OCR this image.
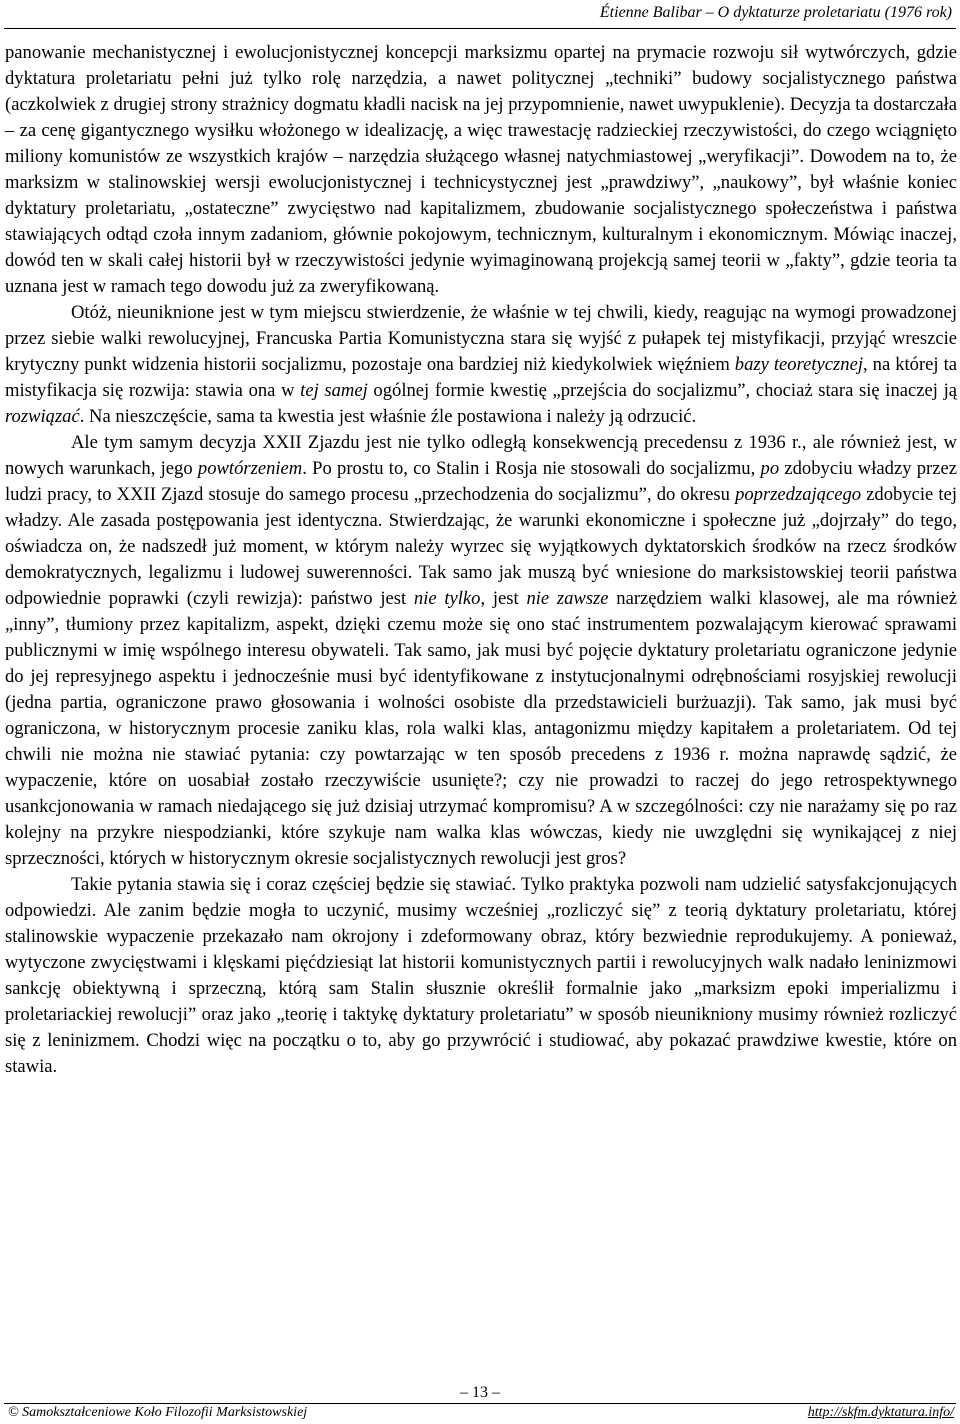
Étienne Balibar – O dyktaturze proletariatu (1976 rok)

panowanie mechanistycznej i ewolucjonistycznej koncepcji marksizmu opartej na prymacie rozwoju sił wytwórczych, gdzie dyktatura proletariatu pełni już tylko rolę narzędzia, a nawet politycznej „techniki” budowy socjalistycznego państwa (aczkolwiek z drugiej strony strażnicy dogmatu kładli nacisk na jej przypomnienie, nawet uwypuklenie). Decyzja ta dostarczała – za cenę gigantycznego wysiłku włożonego w idealizację, a więc trawestację radzieckiej rzeczywistości, do czego wciągnięto miliony komunistów ze wszystkich krajów – narzędzia służącego własnej natychmiastowej „weryfikacji”. Dowodem na to, że marksizm w stalinowskiej wersji ewolucjonistycznej i technicystycznej jest „prawdziwy”, „naukowy”, był właśnie koniec dyktatury proletariatu, „ostateczne” zwycięstwo nad kapitalizmem, zbudowanie socjalistycznego społeczeństwa i państwa stawiających odtąd czoła innym zadaniom, głównie pokojowym, technicznym, kulturalnym i ekonomicznym. Mówiąc inaczej, dowód ten w skali całej historii był w rzeczywistości jedynie wyimaginowaną projekcją samej teorii w „fakty”, gdzie teoria ta uznana jest w ramach tego dowodu już za zweryfikowaną.

Otóż, nieuniknione jest w tym miejscu stwierdzenie, że właśnie w tej chwili, kiedy, reagując na wymogi prowadzonej przez siebie walki rewolucyjnej, Francuska Partia Komunistyczna stara się wyjść z pułapek tej mistyfikacji, przyjąć wreszcie krytyczny punkt widzenia historii socjalizmu, pozostaje ona bardziej niż kiedykolwiek więźniem bazy teoretycznej, na której ta mistyfikacja się rozwija: stawia ona w tej samej ogólnej formie kwestię „przejścia do socjalizmu”, chociaż stara się inaczej ją rozwiązać. Na nieszczęście, sama ta kwestia jest właśnie źle postawiona i należy ją odrzucić.

Ale tym samym decyzja XXII Zjazdu jest nie tylko odległą konsekwencją precedensu z 1936 r., ale również jest, w nowych warunkach, jego powtórzeniem. Po prostu to, co Stalin i Rosja nie stosowali do socjalizmu, po zdobyciu władzy przez ludzi pracy, to XXII Zjazd stosuje do samego procesu „przechodzenia do socjalizmu”, do okresu poprzedzającego zdobycie tej władzy. Ale zasada postępowania jest identyczna. Stwierdzając, że warunki ekonomiczne i społeczne już „dojrzały” do tego, oświadcza on, że nadszedł już moment, w którym należy wyrzec się wyjątkowych dyktatorskich środków na rzecz środków demokratycznych, legalizmu i ludowej suwerenności. Tak samo jak muszą być wniesione do marksistowskiej teorii państwa odpowiednie poprawki (czyli rewizja): państwo jest nie tylko, jest nie zawsze narzędziem walki klasowej, ale ma również „inny”, tłumiony przez kapitalizm, aspekt, dzięki czemu może się ono stać instrumentem pozwalającym kierować sprawami publicznymi w imię wspólnego interesu obywateli. Tak samo, jak musi być pojęcie dyktatury proletariatu ograniczone jedynie do jej represyjnego aspektu i jednocześnie musi być identyfikowane z instytucjonalnymi odrębnościami rosyjskiej rewolucji (jedna partia, ograniczone prawo głosowania i wolności osobiste dla przedstawicieli burżuazji). Tak samo, jak musi być ograniczona, w historycznym procesie zaniku klas, rola walki klas, antagonizmu między kapitałem a proletariatem. Od tej chwili nie można nie stawiać pytania: czy powtarzając w ten sposób precedens z 1936 r. można naprawdę sądzić, że wypaczenie, które on uosabiał zostało rzeczywiście usunięte?; czy nie prowadzi to raczej do jego retrospektywnego usankcjonowania w ramach niedającego się już dzisiaj utrzymać kompromisu? A w szczególności: czy nie narażamy się po raz kolejny na przykre niespodzianki, które szykuje nam walka klas wówczas, kiedy nie uwzględni się wynikającej z niej sprzeczności, których w historycznym okresie socjalistycznych rewolucji jest gros?

Takie pytania stawia się i coraz częściej będzie się stawiać. Tylko praktyka pozwoli nam udzielić satysfakcjonujących odpowiedzi. Ale zanim będzie mogła to uczynić, musimy wcześniej „rozliczyć się” z teorią dyktatury proletariatu, której stalinowskie wypaczenie przekazało nam okrojony i zdeformowany obraz, który bezwiednie reprodukujemy. A ponieważ, wytyczone zwycięstwami i klęskami pięćdziesiąt lat historii komunistycznych partii i rewolucyjnych walk nadało leninizmowi sankcję obiektywną i sprzeczną, którą sam Stalin słusznie określił formalnie jako „marksizm epoki imperializmu i proletariackiej rewolucji” oraz jako „teorię i taktykę dyktatury proletariatu” w sposób nieunikniony musimy również rozliczyć się z leninizmem. Chodzi więc na początku o to, aby go przywrócić i studiować, aby pokazać prawdziwe kwestie, które on stawia.

– 13 –
© Samokształceniowe Koło Filozofii Marksistowskiej	http://skfm.dyktatura.info/
